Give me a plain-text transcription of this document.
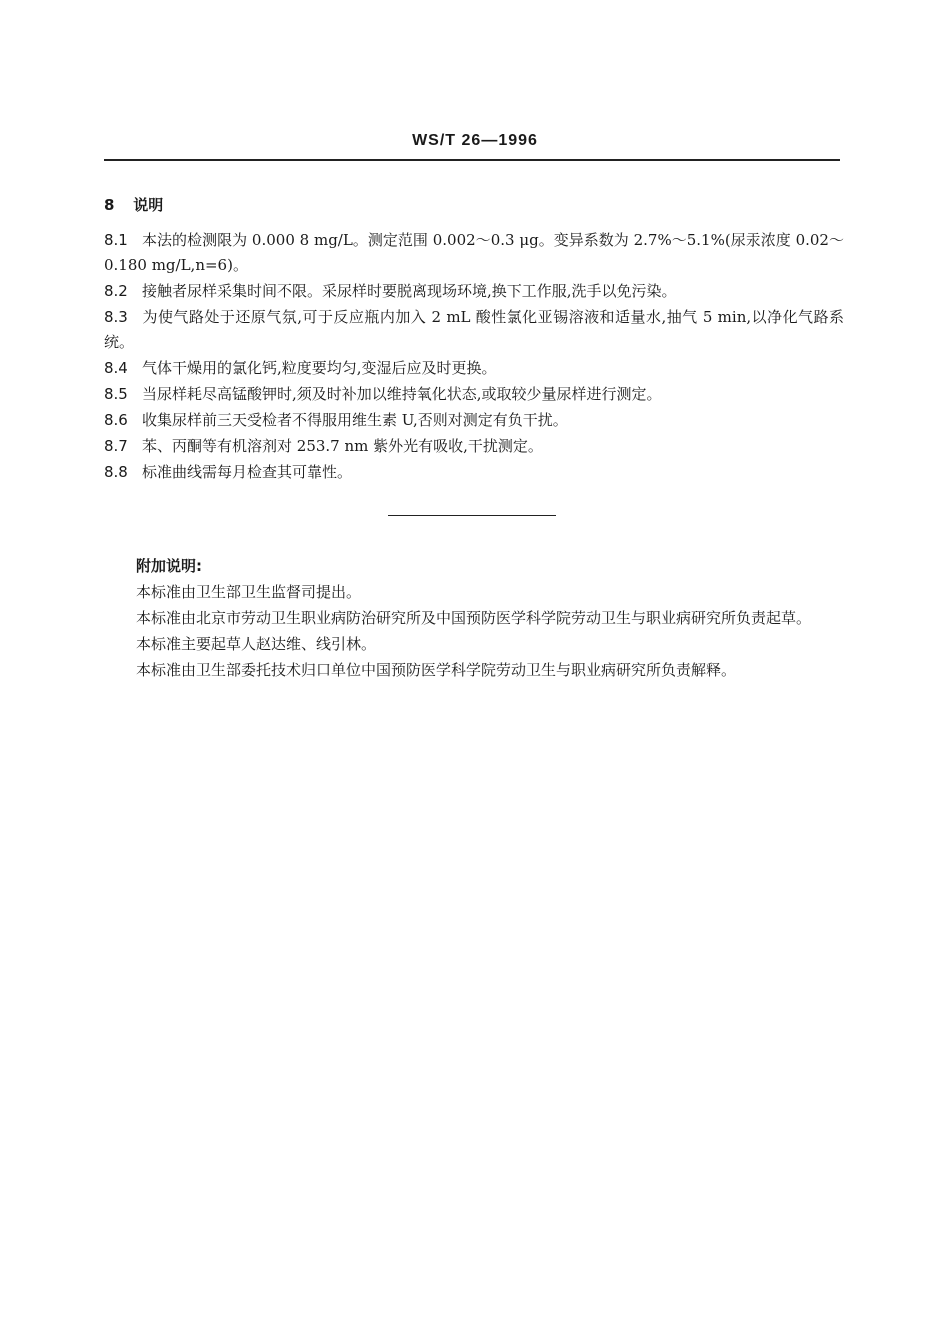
WS/T 26—1996
8 说明
8.1 本法的检测限为 0.000 8 mg/L。测定范围 0.002～0.3 μg。变异系数为 2.7%～5.1%(尿汞浓度 0.02～0.180 mg/L,n=6)。
8.2 接触者尿样采集时间不限。采尿样时要脱离现场环境,换下工作服,洗手以免污染。
8.3 为使气路处于还原气氛,可于反应瓶内加入 2 mL 酸性氯化亚锡溶液和适量水,抽气 5 min,以净化气路系统。
8.4 气体干燥用的氯化钙,粒度要均匀,变湿后应及时更换。
8.5 当尿样耗尽高锰酸钾时,须及时补加以维持氧化状态,或取较少量尿样进行测定。
8.6 收集尿样前三天受检者不得服用维生素 U,否则对测定有负干扰。
8.7 苯、丙酮等有机溶剂对 253.7 nm 紫外光有吸收,干扰测定。
8.8 标准曲线需每月检查其可靠性。
附加说明:

本标准由卫生部卫生监督司提出。

本标准由北京市劳动卫生职业病防治研究所及中国预防医学科学院劳动卫生与职业病研究所负责起草。

本标准主要起草人赵达维、线引林。

本标准由卫生部委托技术归口单位中国预防医学科学院劳动卫生与职业病研究所负责解释。
